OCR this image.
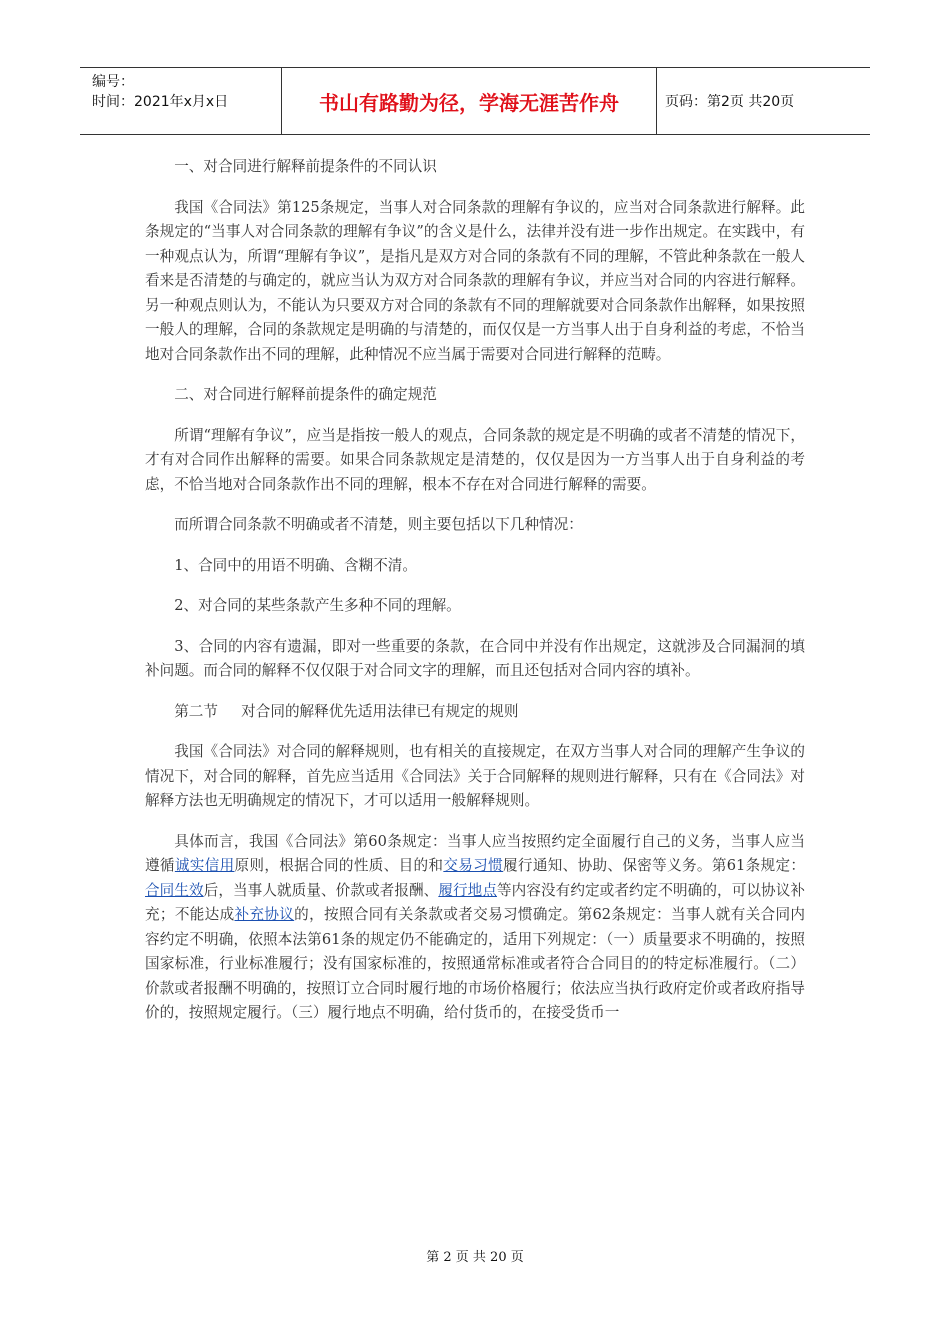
编号：
时间：2021年x月x日	书山有路勤为径，学海无涯苦作舟	页码：第2页 共20页

一、对合同进行解释前提条件的不同认识

我国《合同法》第125条规定，当事人对合同条款的理解有争议的，应当对合同条款进行解释。此条规定的“当事人对合同条款的理解有争议”的含义是什么，法律并没有进一步作出规定。在实践中，有一种观点认为，所谓“理解有争议”，是指凡是双方对合同的条款有不同的理解，不管此种条款在一般人看来是否清楚的与确定的，就应当认为双方对合同条款的理解有争议，并应当对合同的内容进行解释。另一种观点则认为，不能认为只要双方对合同的条款有不同的理解就要对合同条款作出解释，如果按照一般人的理解，合同的条款规定是明确的与清楚的，而仅仅是一方当事人出于自身利益的考虑，不恰当地对合同条款作出不同的理解，此种情况不应当属于需要对合同进行解释的范畴。

二、对合同进行解释前提条件的确定规范

所谓“理解有争议”，应当是指按一般人的观点，合同条款的规定是不明确的或者不清楚的情况下，才有对合同作出解释的需要。如果合同条款规定是清楚的，仅仅是因为一方当事人出于自身利益的考虑，不恰当地对合同条款作出不同的理解，根本不存在对合同进行解释的需要。

而所谓合同条款不明确或者不清楚，则主要包括以下几种情况：

1、合同中的用语不明确、含糊不清。

2、对合同的某些条款产生多种不同的理解。

3、合同的内容有遗漏，即对一些重要的条款，在合同中并没有作出规定，这就涉及合同漏洞的填补问题。而合同的解释不仅仅限于对合同文字的理解，而且还包括对合同内容的填补。

第二节     对合同的解释优先适用法律已有规定的规则

我国《合同法》对合同的解释规则，也有相关的直接规定，在双方当事人对合同的理解产生争议的情况下，对合同的解释，首先应当适用《合同法》关于合同解释的规则进行解释，只有在《合同法》对解释方法也无明确规定的情况下，才可以适用一般解释规则。

具体而言，我国《合同法》第60条规定：当事人应当按照约定全面履行自己的义务，当事人应当遵循诚实信用原则，根据合同的性质、目的和交易习惯履行通知、协助、保密等义务。第61条规定：合同生效后，当事人就质量、价款或者报酬、履行地点等内容没有约定或者约定不明确的，可以协议补充；不能达成补充协议的，按照合同有关条款或者交易习惯确定。第62条规定：当事人就有关合同内容约定不明确，依照本法第61条的规定仍不能确定的，适用下列规定：（一）质量要求不明确的，按照国家标准，行业标准履行；没有国家标准的，按照通常标准或者符合合同目的的特定标准履行。（二）价款或者报酬不明确的，按照订立合同时履行地的市场价格履行；依法应当执行政府定价或者政府指导价的，按照规定履行。（三）履行地点不明确，给付货币的，在接受货币一

第 2 页 共 20 页
